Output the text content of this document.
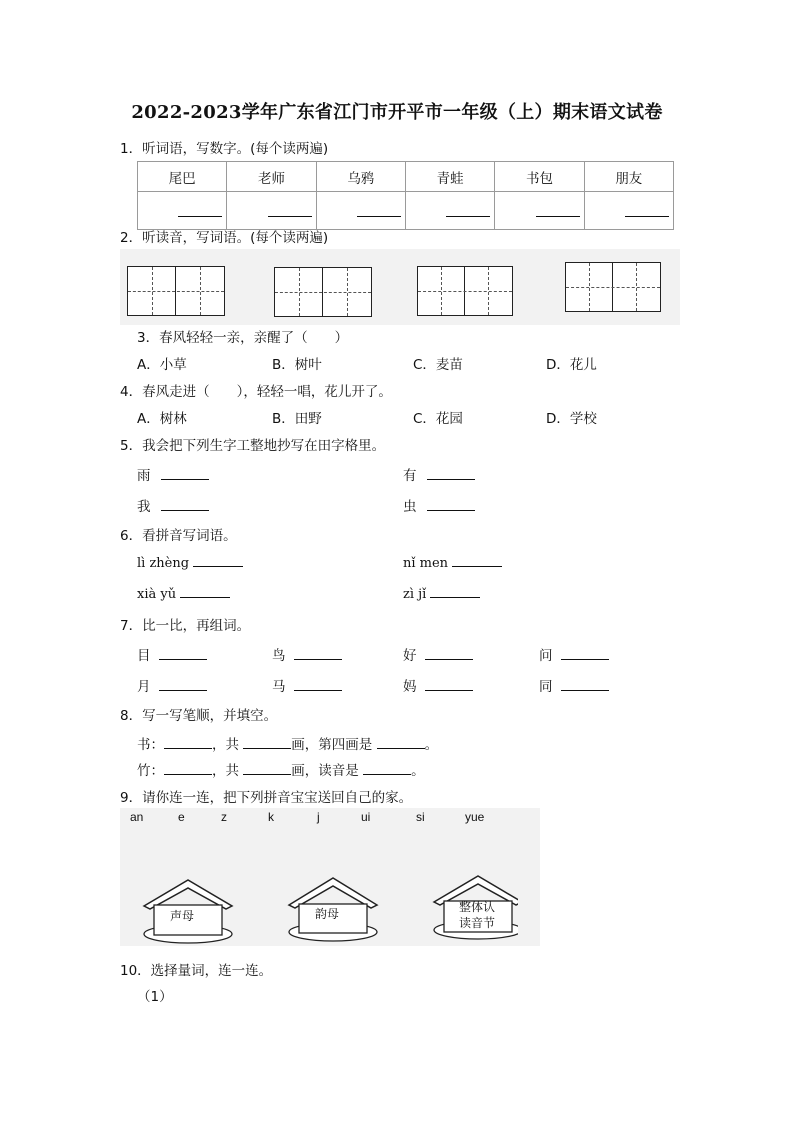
2022-2023学年广东省江门市开平市一年级（上）期末语文试卷
1．听词语，写数字。(每个读两遍)
尾巴	老师	乌鸦	青蛙	书包	朋友

2．听读音，写词语。(每个读两遍)
3．春风轻轻一亲，亲醒了（　　）
A．小草	B．树叶	C．麦苗	D．花儿
4．春风走进（　　），轻轻一唱，花儿开了。
A．树林	B．田野	C．花园	D．学校
5．我会把下列生字工整地抄写在田字格里。
雨	有
我	虫
6．看拼音写词语。
lì zhèng	nǐ men
xià yǔ	zì jǐ
7．比一比，再组词。
目	鸟	好	问
月	马	妈	同
8．写一写笔顺，并填空。
书：	，共	画，第四画是	。
竹：	，共	画，读音是	。
9．请你连一连，把下列拼音宝宝送回自己的家。
an	e	z	k	j	ui	si	yue
声母	韵母	整体认
读音节
10．选择量词，连一连。
（1）
